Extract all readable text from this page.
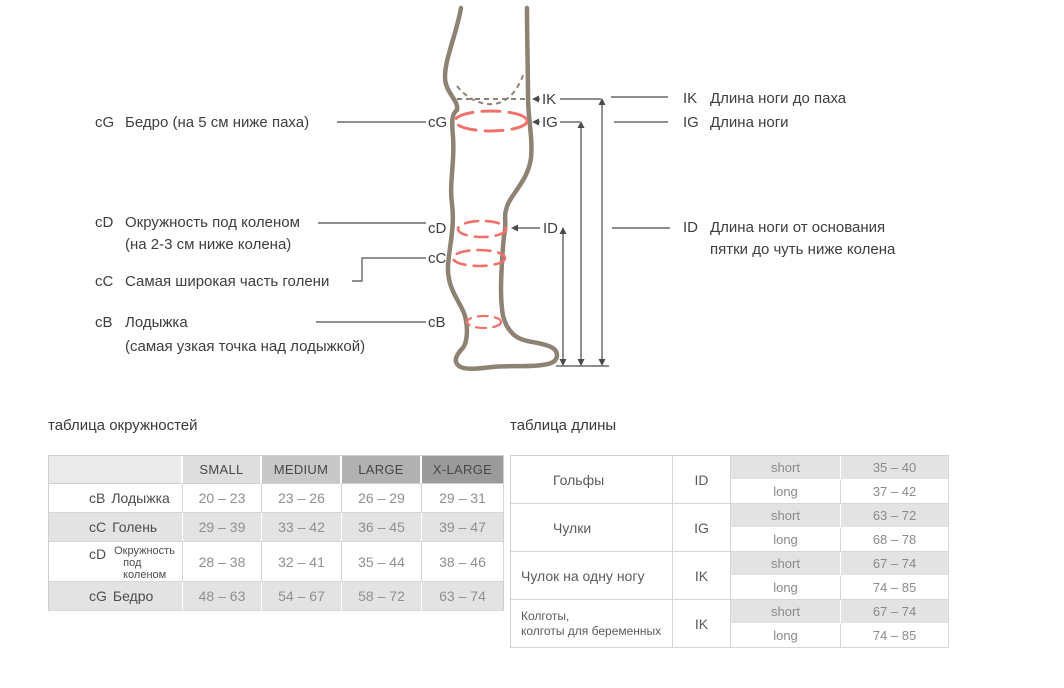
cG Бедро (на 5 см ниже паха)
cD Окружность под коленом
(на 2-3 см ниже колена)
cC Самая широкая часть голени
cB Лодыжка
(самая узкая точка над лодыжкой)
cG
cD
cC
cB
IK
IG
ID
IK Длина ноги до паха
IG Длина ноги
ID Длина ноги от основания
пятки до чуть ниже колена
таблица окружностей
	SMALL	MEDIUM	LARGE	X-LARGE
cB Лодыжка	20 – 23	23 – 26	26 – 29	29 – 31
cC Голень	29 – 39	33 – 42	36 – 45	39 – 47

cD Окружность
под коленом	28 – 38	32 – 41	35 – 44	38 – 46
cG Бедро	48 – 63	54 – 67	58 – 72	63 – 74
таблица длины
Гольфы	ID	short	35 – 40
		long	37 – 42
Чулки	IG	short	63 – 72
		long	68 – 78
Чулок на одну ногу	IK	short	67 – 74
		long	74 – 85

Колготы,
колготы для беременных	IK	short	67 – 74
		long	74 – 85
